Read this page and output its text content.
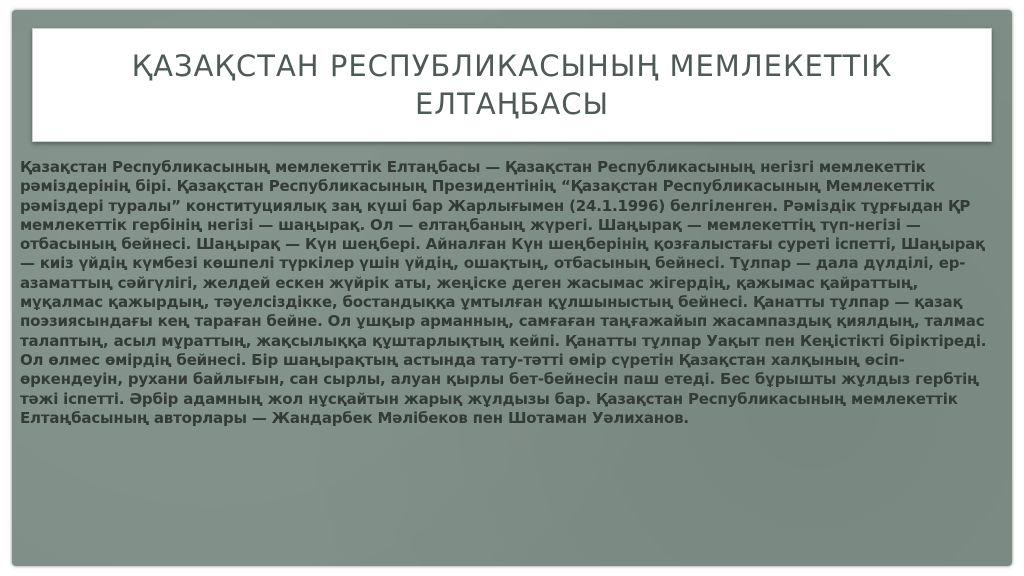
ҚАЗАҚСТАН РЕСПУБЛИКАСЫНЫҢ МЕМЛЕКЕТТІК ЕЛТАҢБАСЫ

Қазақстан Республикасының мемлекеттік Елтаңбасы — Қазақстан Республикасының негізгі мемлекеттік рәміздерінің бірі. Қазақстан Республикасының Президентінің “Қазақстан Республикасының Мемлекеттік рәміздері туралы” конституциялық заң күші бар Жарлығымен (24.1.1996) белгіленген. Рәміздік тұрғыдан ҚР мемлекеттік гербінің негізі — шаңырақ. Ол — елтаңбаның жүрегі. Шаңырақ — мемлекеттің түп-негізі — отбасының бейнесі. Шаңырақ — Күн шеңбері. Айналған Күн шеңберінің қозғалыстағы суреті іспетті, Шаңырақ — киіз үйдің күмбезі көшпелі түркілер үшін үйдің, ошақтың, отбасының бейнесі. Тұлпар — дала дүлділі, ер-азаматтың сәйгүлігі, желдей ескен жүйрік аты, жеңіске деген жасымас жігердің, қажымас қайраттың, мұқалмас қажырдың, тәуелсіздікке, бостандыққа ұмтылған құлшыныстың бейнесі. Қанатты тұлпар — қазақ поэзиясындағы кең тараған бейне. Ол ұшқыр арманның, самғаған таңғажайып жасампаздық қиялдың, талмас талаптың, асыл мұраттың, жақсылыққа құштарлықтың кейпі. Қанатты тұлпар Уақыт пен Кеңістікті біріктіреді. Ол өлмес өмірдің бейнесі. Бір шаңырақтың астында тату-тәтті өмір сүретін Қазақстан халқының өсіп-өркендеуін, рухани байлығын, сан сырлы, алуан қырлы бет-бейнесін паш етеді. Бес бұрышты жұлдыз гербтің тәжі іспетті. Әрбір адамның жол нұсқайтын жарық жұлдызы бар. Қазақстан Республикасының мемлекеттік Елтаңбасының авторлары — Жандарбек Мәлібеков пен Шотаман Уәлиханов.
